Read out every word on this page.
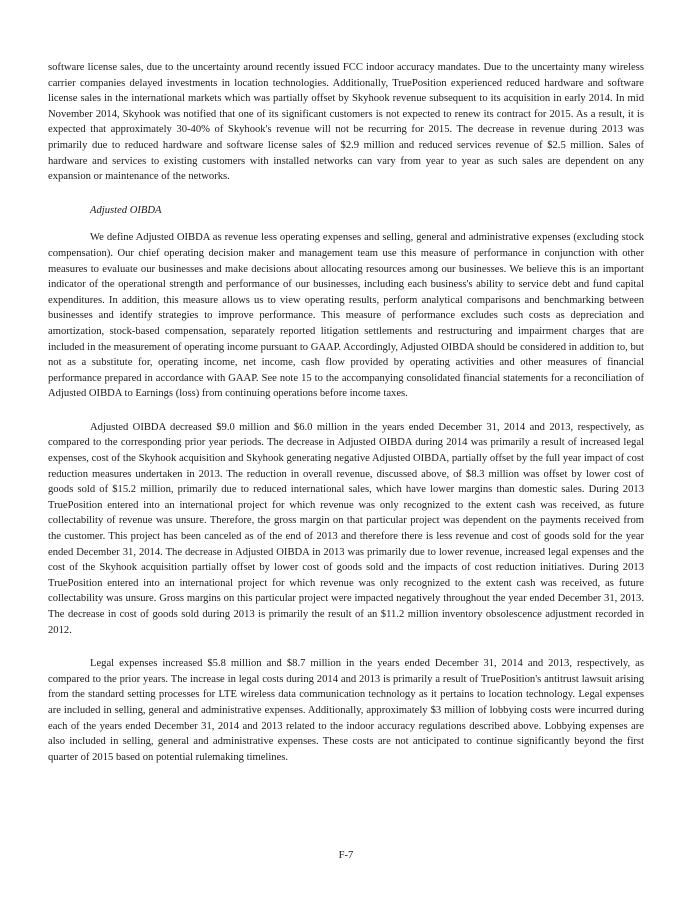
software license sales, due to the uncertainty around recently issued FCC indoor accuracy mandates. Due to the uncertainty many wireless carrier companies delayed investments in location technologies. Additionally, TruePosition experienced reduced hardware and software license sales in the international markets which was partially offset by Skyhook revenue subsequent to its acquisition in early 2014. In mid November 2014, Skyhook was notified that one of its significant customers is not expected to renew its contract for 2015. As a result, it is expected that approximately 30-40% of Skyhook's revenue will not be recurring for 2015. The decrease in revenue during 2013 was primarily due to reduced hardware and software license sales of $2.9 million and reduced services revenue of $2.5 million. Sales of hardware and services to existing customers with installed networks can vary from year to year as such sales are dependent on any expansion or maintenance of the networks.

Adjusted OIBDA

We define Adjusted OIBDA as revenue less operating expenses and selling, general and administrative expenses (excluding stock compensation). Our chief operating decision maker and management team use this measure of performance in conjunction with other measures to evaluate our businesses and make decisions about allocating resources among our businesses. We believe this is an important indicator of the operational strength and performance of our businesses, including each business's ability to service debt and fund capital expenditures. In addition, this measure allows us to view operating results, perform analytical comparisons and benchmarking between businesses and identify strategies to improve performance. This measure of performance excludes such costs as depreciation and amortization, stock-based compensation, separately reported litigation settlements and restructuring and impairment charges that are included in the measurement of operating income pursuant to GAAP. Accordingly, Adjusted OIBDA should be considered in addition to, but not as a substitute for, operating income, net income, cash flow provided by operating activities and other measures of financial performance prepared in accordance with GAAP. See note 15 to the accompanying consolidated financial statements for a reconciliation of Adjusted OIBDA to Earnings (loss) from continuing operations before income taxes.

Adjusted OIBDA decreased $9.0 million and $6.0 million in the years ended December 31, 2014 and 2013, respectively, as compared to the corresponding prior year periods. The decrease in Adjusted OIBDA during 2014 was primarily a result of increased legal expenses, cost of the Skyhook acquisition and Skyhook generating negative Adjusted OIBDA, partially offset by the full year impact of cost reduction measures undertaken in 2013. The reduction in overall revenue, discussed above, of $8.3 million was offset by lower cost of goods sold of $15.2 million, primarily due to reduced international sales, which have lower margins than domestic sales. During 2013 TruePosition entered into an international project for which revenue was only recognized to the extent cash was received, as future collectability of revenue was unsure. Therefore, the gross margin on that particular project was dependent on the payments received from the customer. This project has been canceled as of the end of 2013 and therefore there is less revenue and cost of goods sold for the year ended December 31, 2014. The decrease in Adjusted OIBDA in 2013 was primarily due to lower revenue, increased legal expenses and the cost of the Skyhook acquisition partially offset by lower cost of goods sold and the impacts of cost reduction initiatives. During 2013 TruePosition entered into an international project for which revenue was only recognized to the extent cash was received, as future collectability was unsure. Gross margins on this particular project were impacted negatively throughout the year ended December 31, 2013. The decrease in cost of goods sold during 2013 is primarily the result of an $11.2 million inventory obsolescence adjustment recorded in 2012.

Legal expenses increased $5.8 million and $8.7 million in the years ended December 31, 2014 and 2013, respectively, as compared to the prior years. The increase in legal costs during 2014 and 2013 is primarily a result of TruePosition's antitrust lawsuit arising from the standard setting processes for LTE wireless data communication technology as it pertains to location technology. Legal expenses are included in selling, general and administrative expenses. Additionally, approximately $3 million of lobbying costs were incurred during each of the years ended December 31, 2014 and 2013 related to the indoor accuracy regulations described above. Lobbying expenses are also included in selling, general and administrative expenses. These costs are not anticipated to continue significantly beyond the first quarter of 2015 based on potential rulemaking timelines.

F-7
